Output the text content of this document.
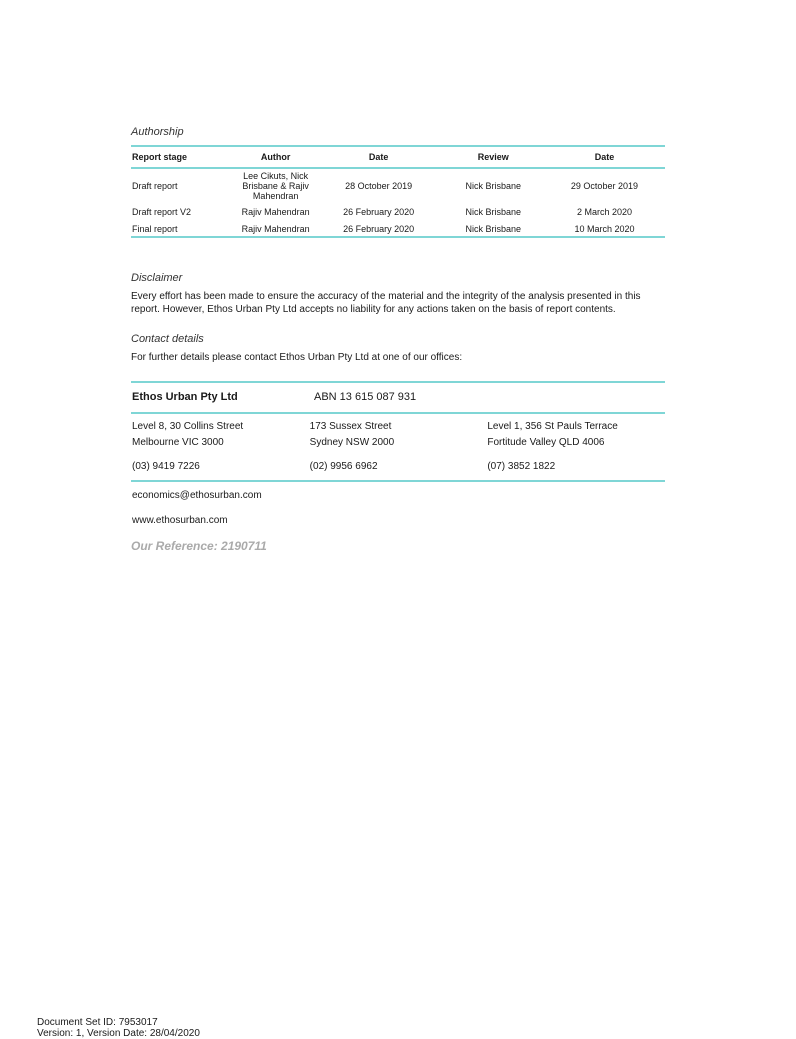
Authorship

Report stage	Author	Date	Review	Date
Draft report	Lee Cikuts, Nick Brisbane & Rajiv Mahendran	28 October 2019	Nick Brisbane	29 October 2019
Draft report V2	Rajiv Mahendran	26 February 2020	Nick Brisbane	2 March 2020
Final report	Rajiv Mahendran	26 February 2020	Nick Brisbane	10 March 2020

Disclaimer

Every effort has been made to ensure the accuracy of the material and the integrity of the analysis presented in this report. However, Ethos Urban Pty Ltd accepts no liability for any actions taken on the basis of report contents.

Contact details

For further details please contact Ethos Urban Pty Ltd at one of our offices:

Ethos Urban Pty Ltd	ABN 13 615 087 931
Level 8, 30 Collins Street
Melbourne VIC 3000
(03) 9419 7226
173 Sussex Street
Sydney NSW 2000
(02) 9956 6962
Level 1, 356 St Pauls Terrace
Fortitude Valley QLD 4006
(07) 3852 1822

economics@ethosurban.com

www.ethosurban.com

Our Reference: 2190711

Document Set ID: 7953017
Version: 1, Version Date: 28/04/2020
